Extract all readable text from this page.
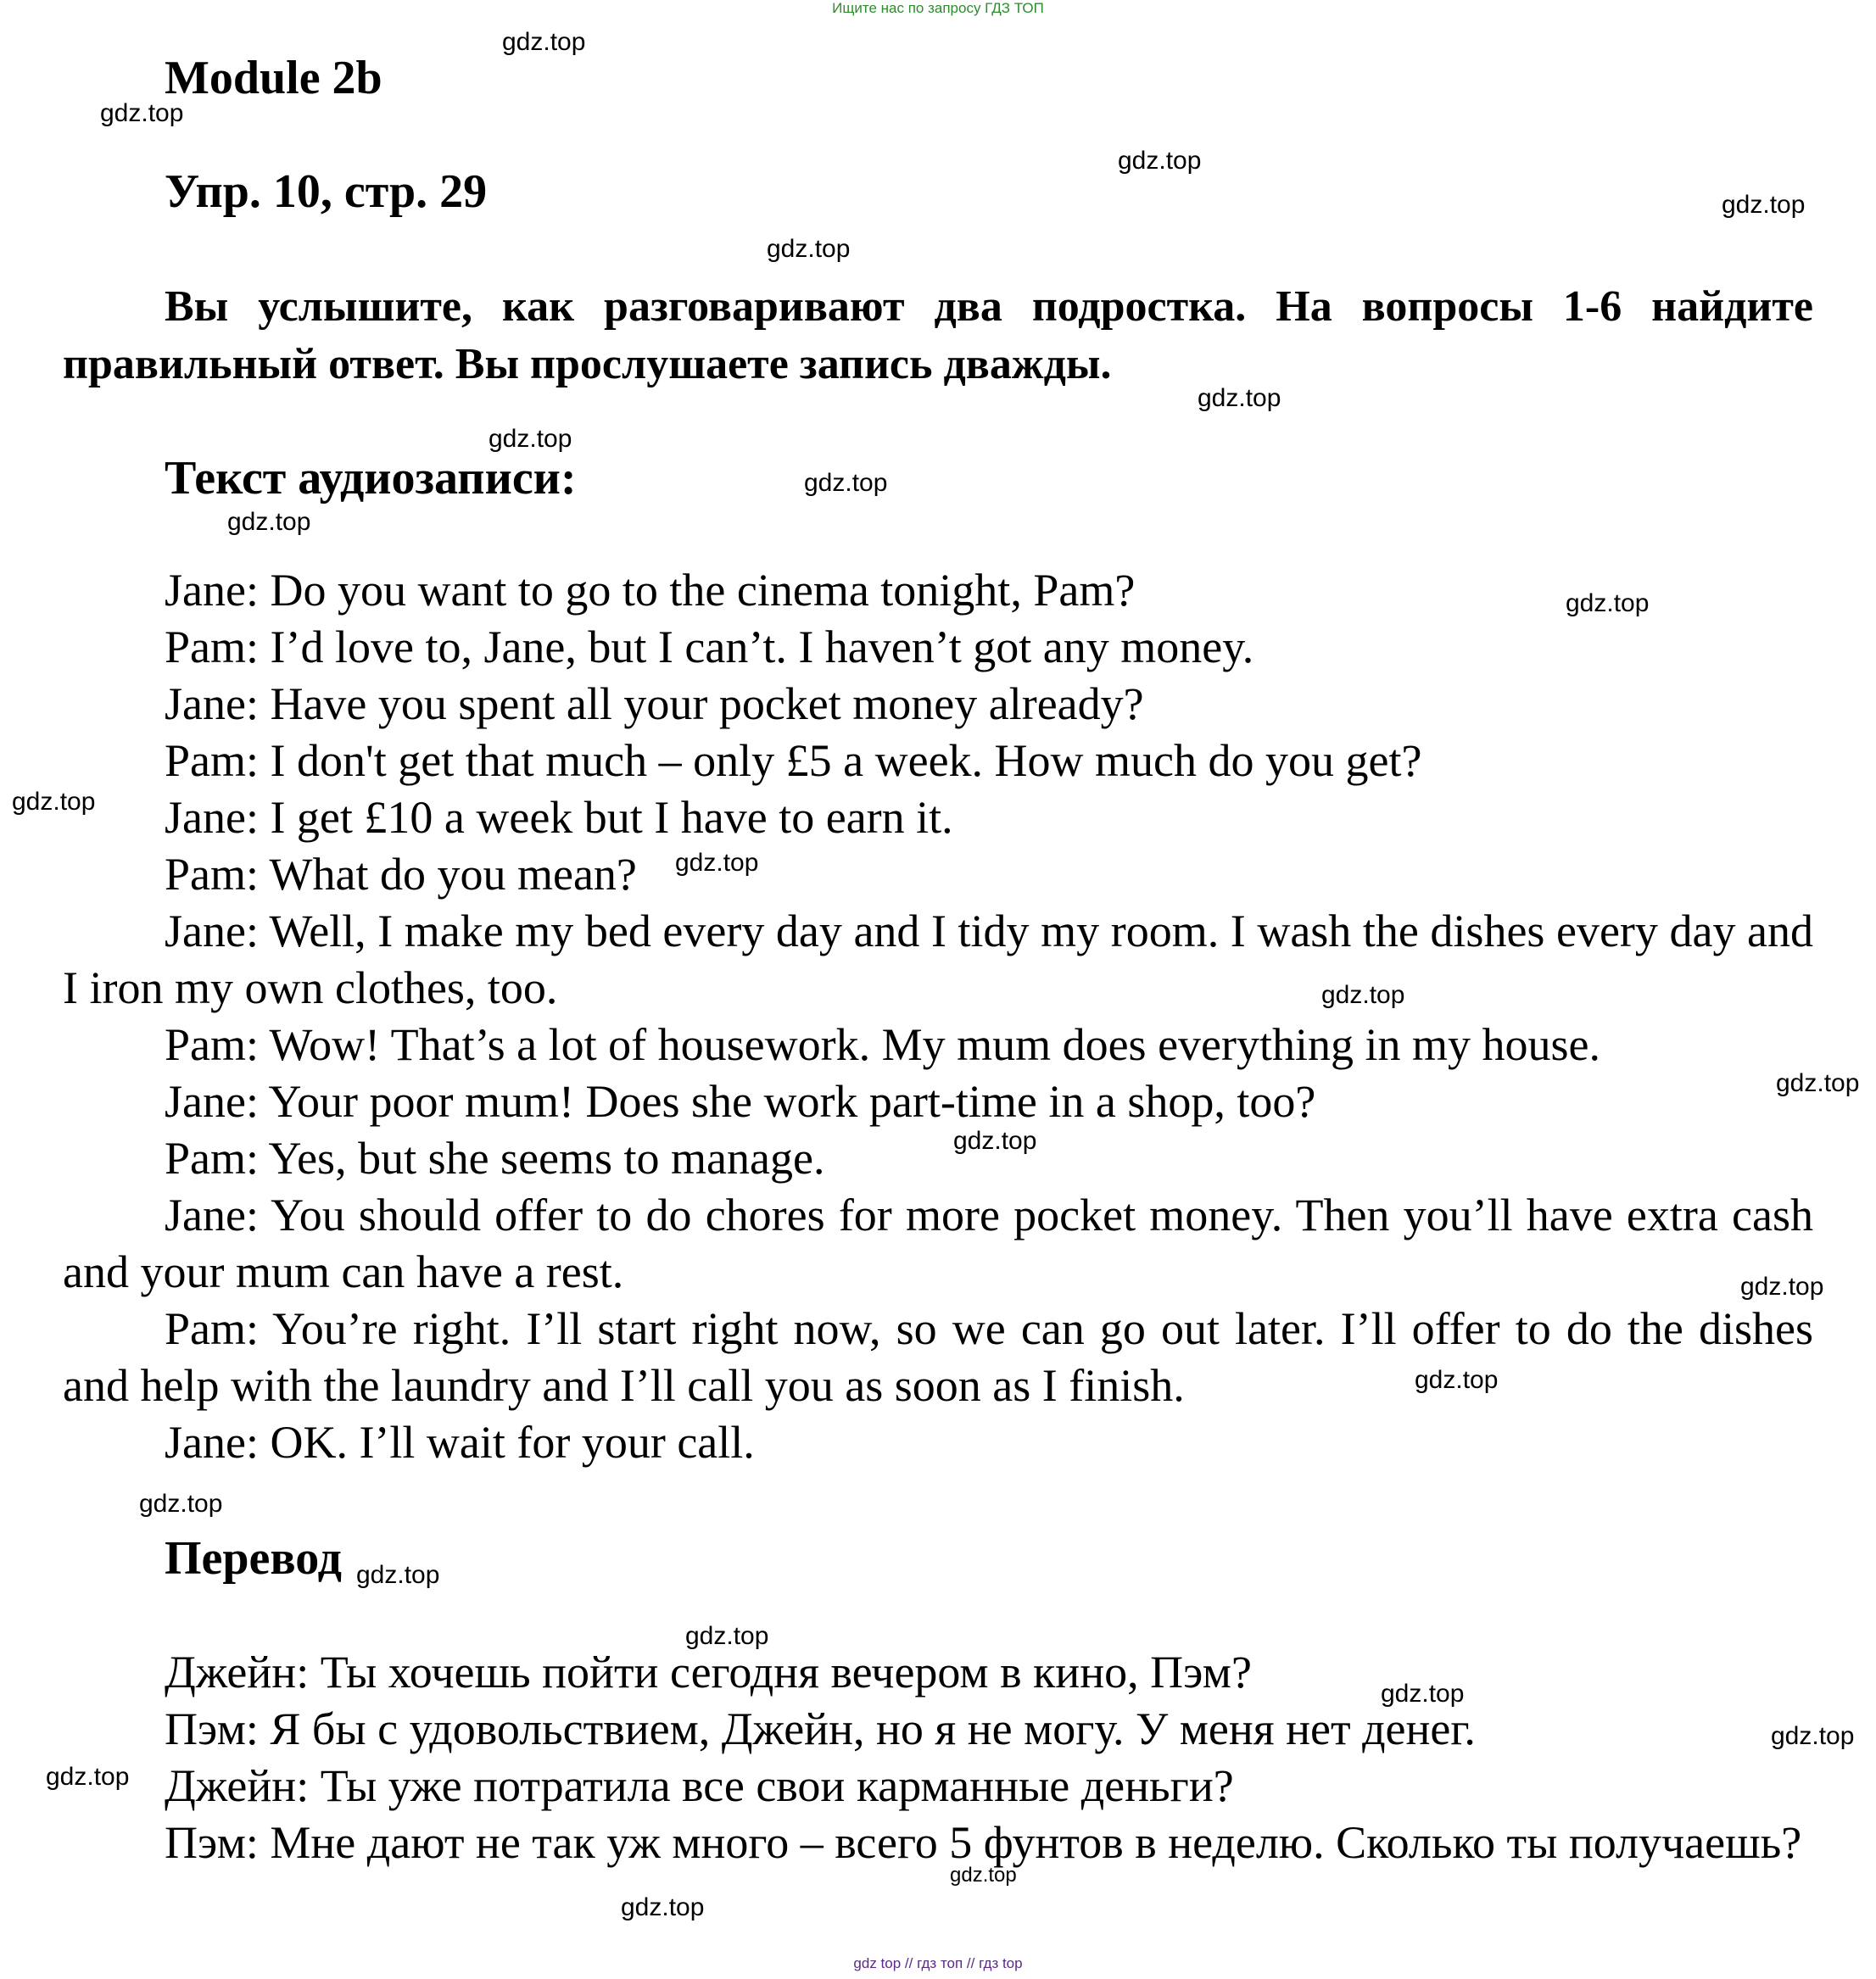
Ищите нас по запросу ГДЗ ТОП
Module 2b
Упр. 10, стр. 29
Вы услышите, как разговаривают два подростка. На вопросы 1-6 найдите правильный ответ. Вы прослушаете запись дважды.
Текст аудиозаписи:

Jane: Do you want to go to the cinema tonight, Pam?

Pam: I’d love to, Jane, but I can’t. I haven’t got any money.

Jane: Have you spent all your pocket money already?

Pam: I don't get that much – only £5 a week. How much do you get?

Jane: I get £10 a week but I have to earn it.

Pam: What do you mean?

Jane: Well, I make my bed every day and I tidy my room. I wash the dishes every day and I iron my own clothes, too.

Pam: Wow! That’s a lot of housework. My mum does everything in my house.

Jane: Your poor mum! Does she work part-time in a shop, too?

Pam: Yes, but she seems to manage.

Jane: You should offer to do chores for more pocket money. Then you’ll have extra cash and your mum can have a rest.

Pam: You’re right. I’ll start right now, so we can go out later. I’ll offer to do the dishes and help with the laundry and I’ll call you as soon as I finish.

Jane: OK. I’ll wait for your call.

Перевод

Джейн: Ты хочешь пойти сегодня вечером в кино, Пэм?

Пэм: Я бы с удовольствием, Джейн, но я не могу. У меня нет денег.

Джейн: Ты уже потратила все свои карманные деньги?

Пэм: Мне дают не так уж много – всего 5 фунтов в неделю. Сколько ты получаешь?

gdz.top
gdz.top
gdz.top
gdz.top
gdz.top
gdz.top
gdz.top
gdz.top
gdz.top
gdz.top
gdz.top
gdz.top
gdz.top
gdz.top
gdz.top
gdz.top
gdz.top
gdz.top
gdz.top
gdz.top
gdz.top
gdz.top
gdz.top
gdz.top
gdz.top
gdz top // гдз топ // гдз top
